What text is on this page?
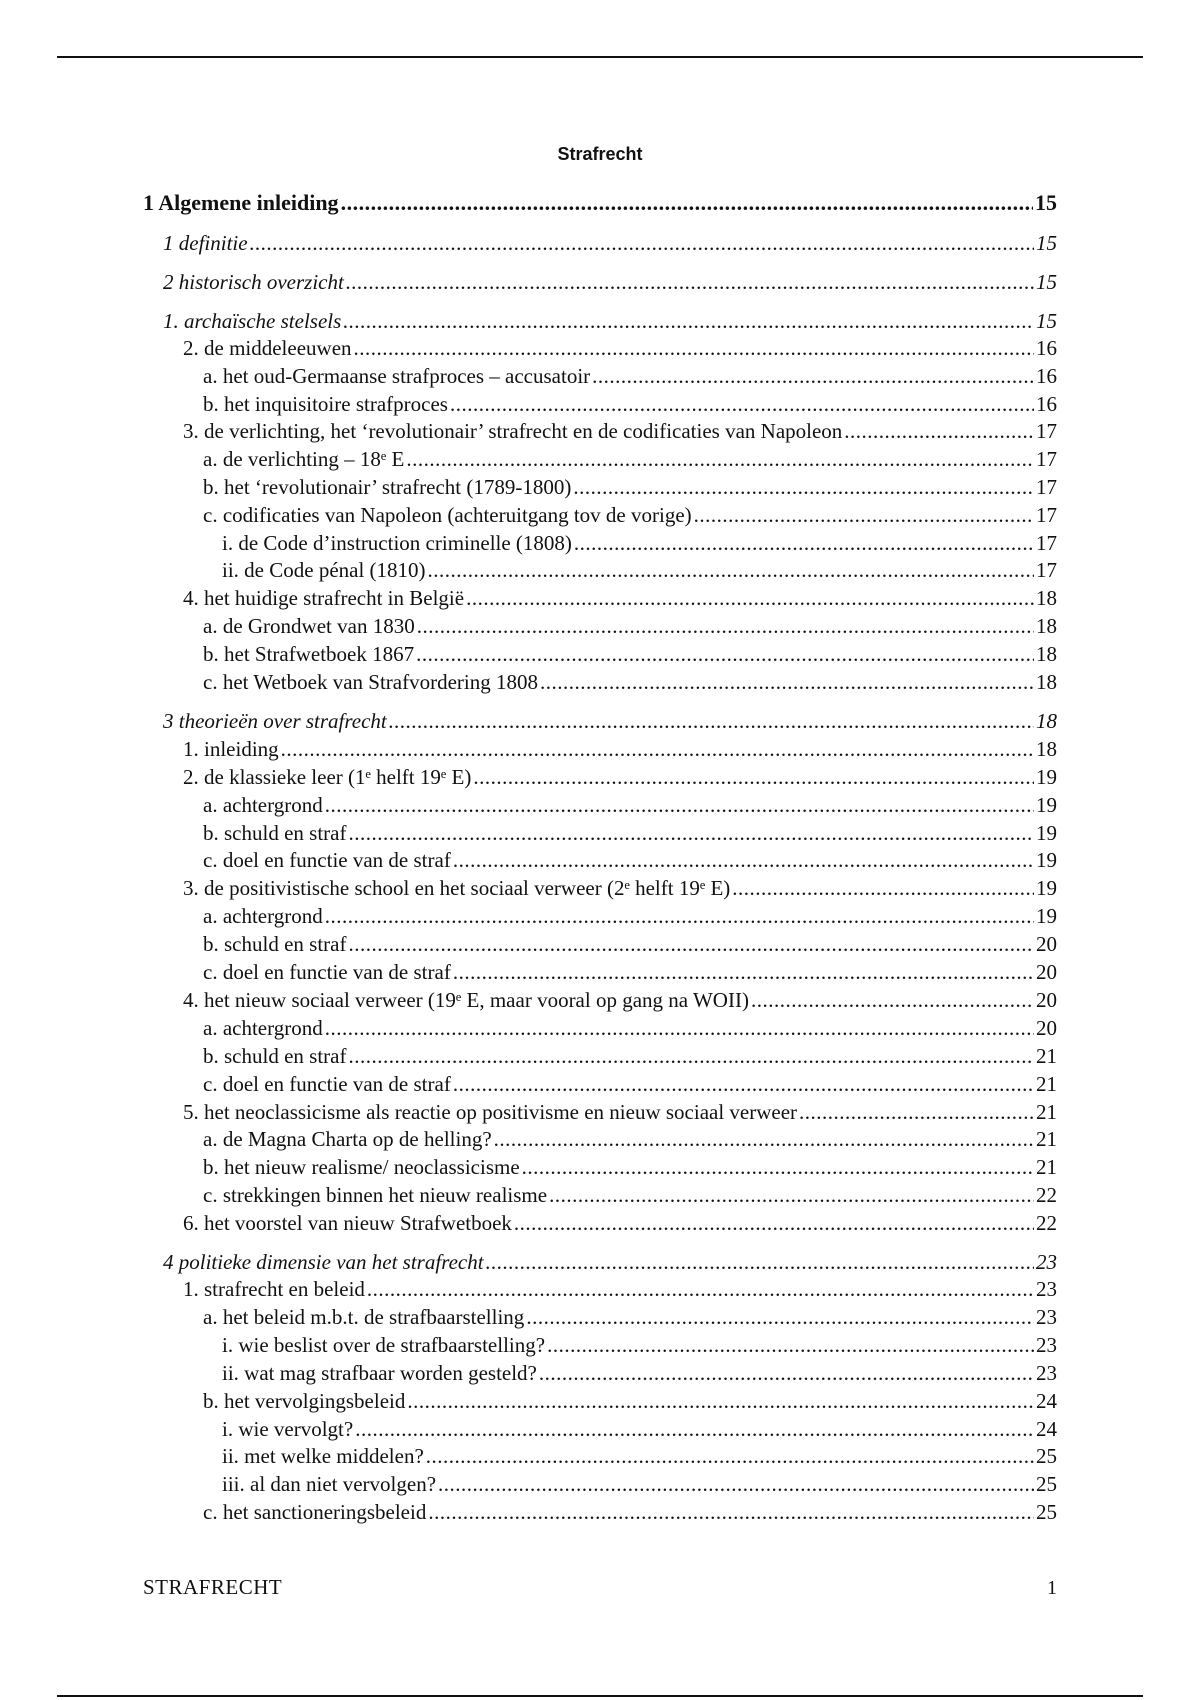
Strafrecht
1 Algemene inleiding .....	15
1 definitie .....	15
2 historisch overzicht .....	15
1. archaïsche stelsels .....	15
2. de middeleeuwen .....	16
a. het oud-Germaanse strafproces – accusatoir .....	16
b. het inquisitoire strafproces .....	16
3. de verlichting, het ‘revolutionair’ strafrecht en de codificaties van Napoleon .....	17
a. de verlichting – 18ᵉ E .....	17
b. het ‘revolutionair’ strafrecht (1789-1800) .....	17
c. codificaties van Napoleon (achteruitgang tov de vorige) .....	17
i. de Code d’instruction criminelle (1808) .....	17
ii. de Code pénal (1810) .....	17
4. het huidige strafrecht in België .....	18
a. de Grondwet van 1830 .....	18
b. het Strafwetboek 1867 .....	18
c. het Wetboek van Strafvordering 1808 .....	18
3 theorieën over strafrecht .....	18
1. inleiding .....	18
2. de klassieke leer (1ᵉ helft 19ᵉ E) .....	19
a. achtergrond .....	19
b. schuld en straf .....	19
c. doel en functie van de straf .....	19
3. de positivistische school en het sociaal verweer (2ᵉ helft 19ᵉ E) .....	19
a. achtergrond .....	19
b. schuld en straf .....	20
c. doel en functie van de straf .....	20
4. het nieuw sociaal verweer (19ᵉ E, maar vooral op gang na WOII) .....	20
a. achtergrond .....	20
b. schuld en straf .....	21
c. doel en functie van de straf .....	21
5. het neoclassicisme als reactie op positivisme en nieuw sociaal verweer .....	21
a. de Magna Charta op de helling? .....	21
b. het nieuw realisme/ neoclassicisme .....	21
c. strekkingen binnen het nieuw realisme .....	22
6. het voorstel van nieuw Strafwetboek .....	22
4 politieke dimensie van het strafrecht .....	23
1. strafrecht en beleid .....	23
a. het beleid m.b.t. de strafbaarstelling .....	23
i. wie beslist over de strafbaarstelling? .....	23
ii. wat mag strafbaar worden gesteld? .....	23
b. het vervolgingsbeleid .....	24
i. wie vervolgt? .....	24
ii. met welke middelen? .....	25
iii. al dan niet vervolgen? .....	25
c. het sanctioneringsbeleid .....	25
STRAFRECHT	1
